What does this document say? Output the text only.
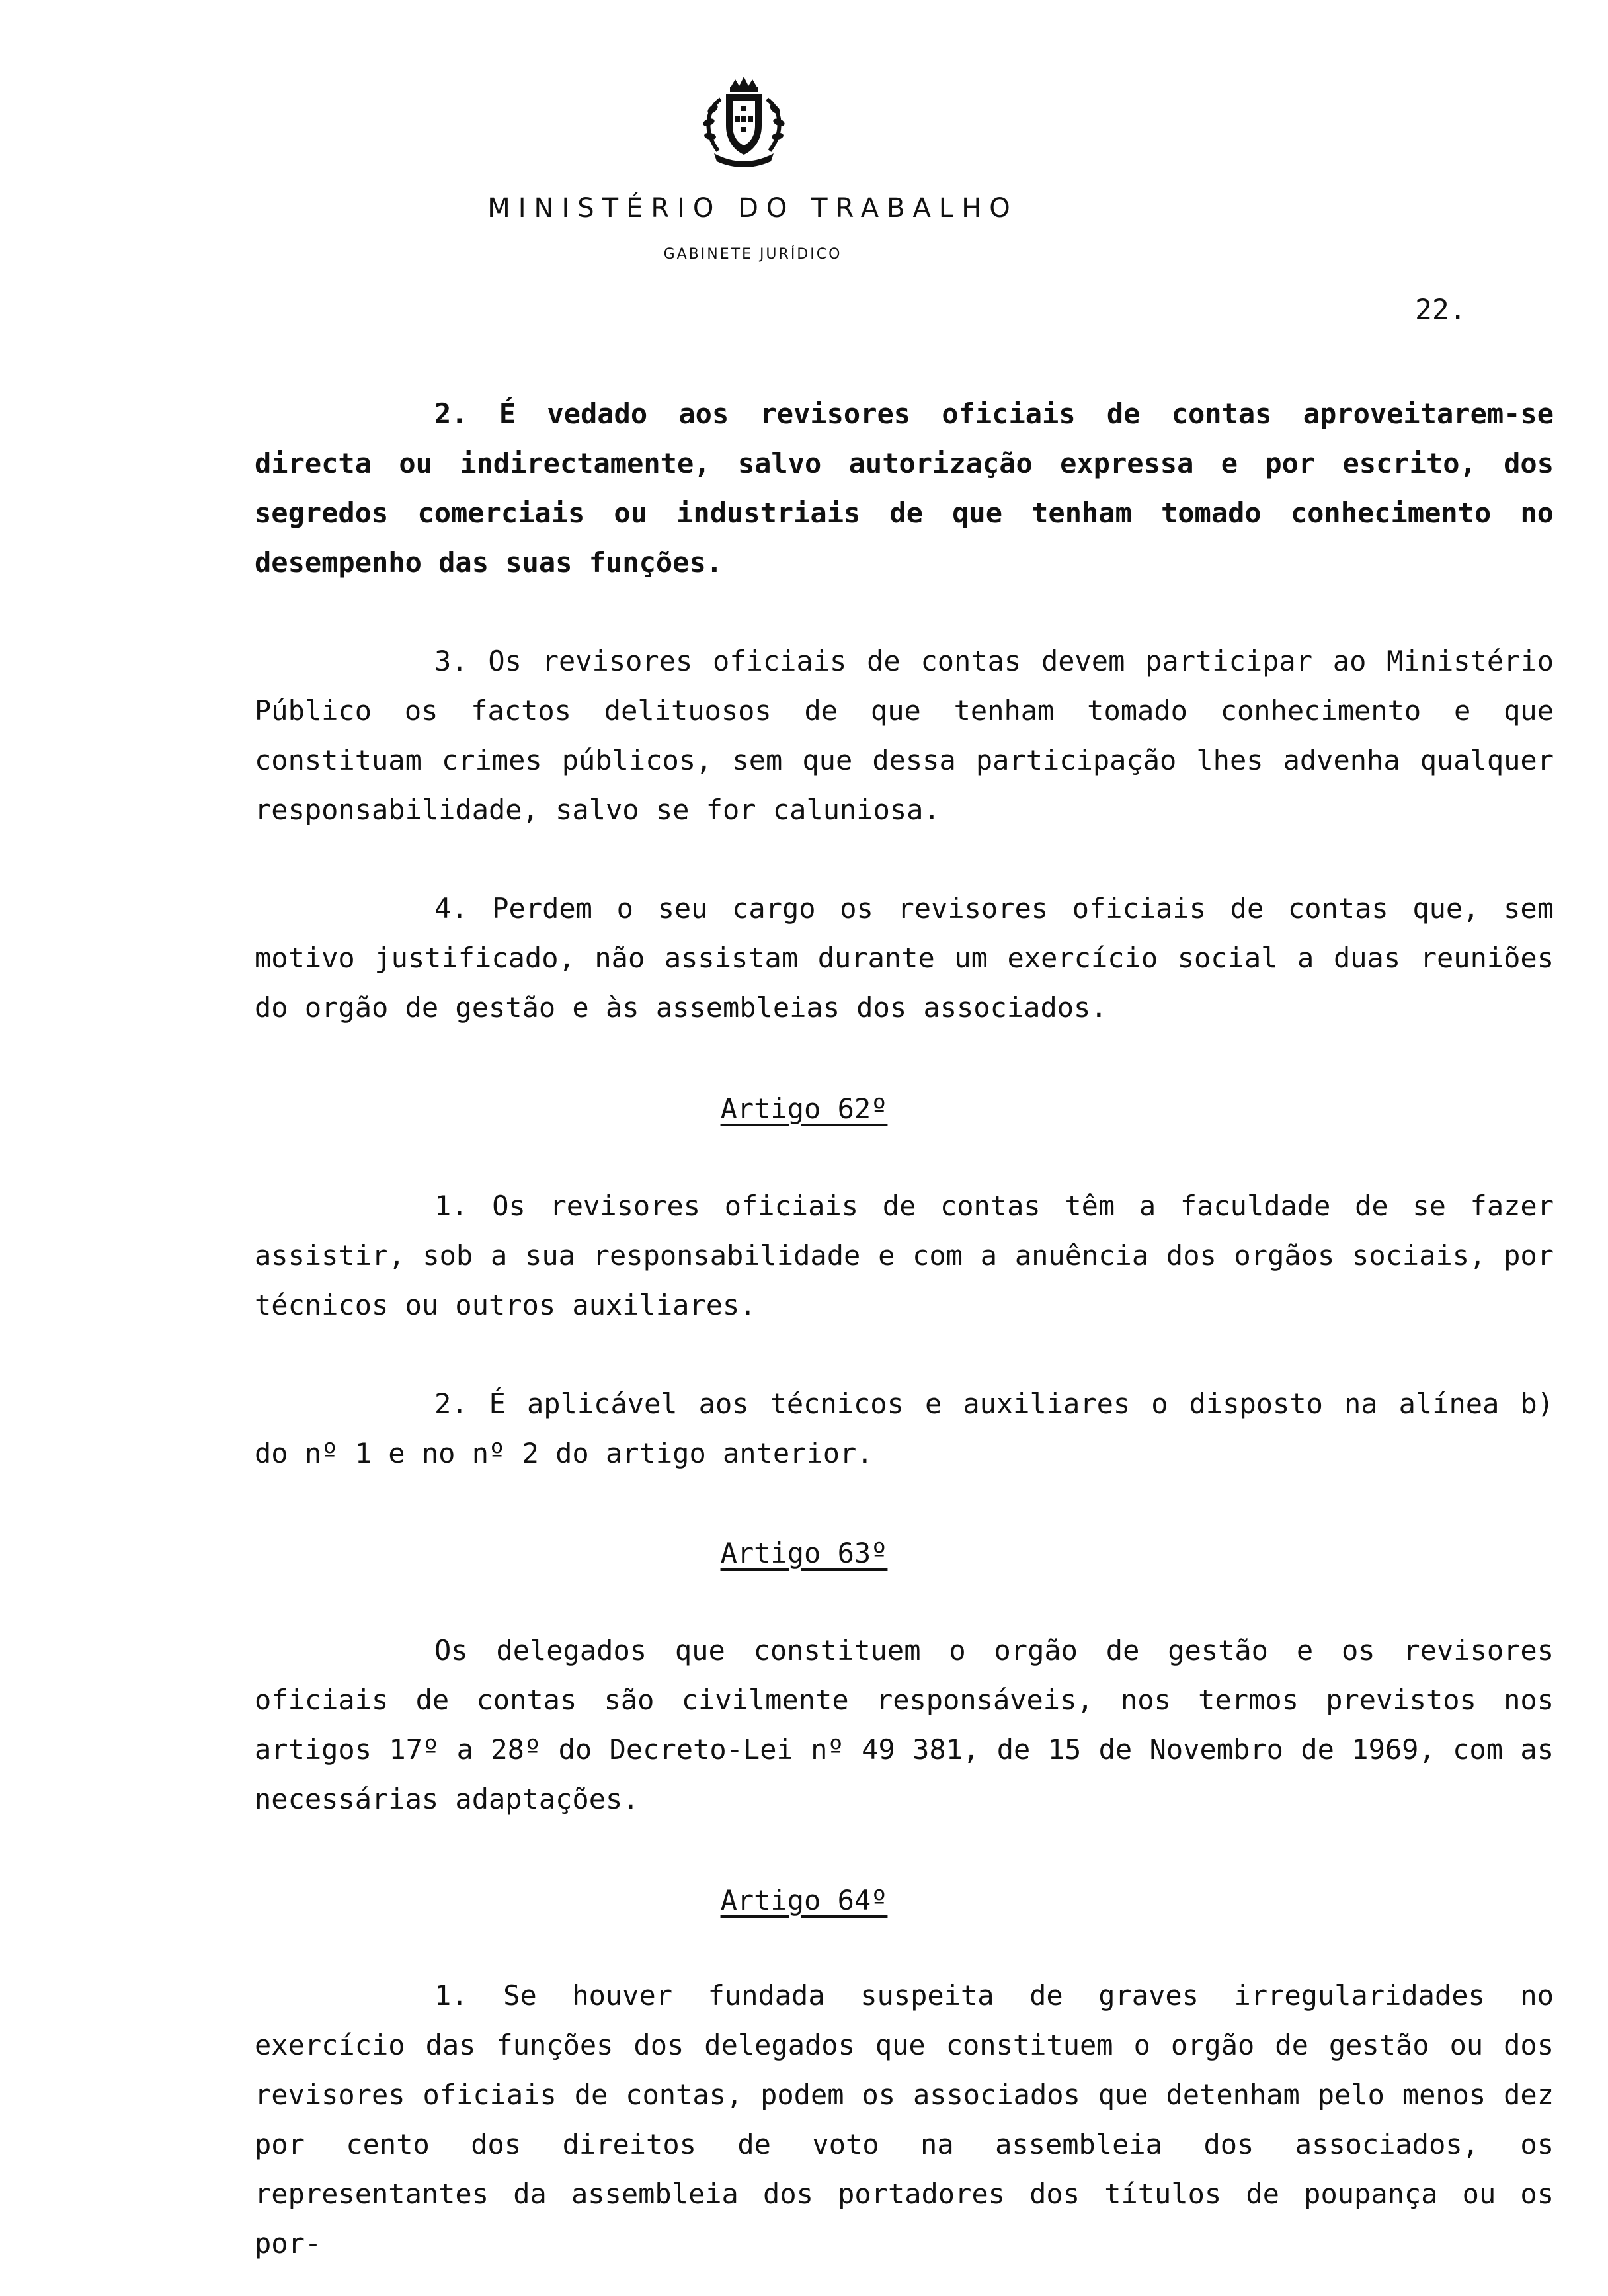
MINISTÉRIO DO TRABALHO
GABINETE JURÍDICO
22.
2. É vedado aos revisores oficiais de contas aproveitarem-se directa ou indirectamente, salvo autorização expressa e por escrito, dos segredos comerciais ou industriais de que tenham tomado conhecimento no desempenho das suas funções.
3. Os revisores oficiais de contas devem participar ao Ministério Público os factos delituosos de que tenham tomado conhecimento e que constituam crimes públicos, sem que dessa participação lhes advenha qualquer responsabilidade, salvo se for caluniosa.
4. Perdem o seu cargo os revisores oficiais de contas que, sem motivo justificado, não assistam durante um exercício social a duas reuniões do orgão de gestão e às assembleias dos associados.
Artigo 62º
1. Os revisores oficiais de contas têm a faculdade de se fazer assistir, sob a sua responsabilidade e com a anuência dos orgãos sociais, por técnicos ou outros auxiliares.
2. É aplicável aos técnicos e auxiliares o disposto na alínea b) do nº 1 e no nº 2 do artigo anterior.
Artigo 63º
Os delegados que constituem o orgão de gestão e os revisores oficiais de contas são civilmente responsáveis, nos termos previstos nos artigos 17º a 28º do Decreto-Lei nº 49 381, de 15 de Novembro de 1969, com as necessárias adaptações.
Artigo 64º
1. Se houver fundada suspeita de graves irregularidades no exercício das funções dos delegados que constituem o orgão de gestão ou dos revisores oficiais de contas, podem os associados que detenham pelo menos dez por cento dos direitos de voto na assembleia dos associados, os representantes da assembleia dos portadores dos títulos de poupança ou os por-
